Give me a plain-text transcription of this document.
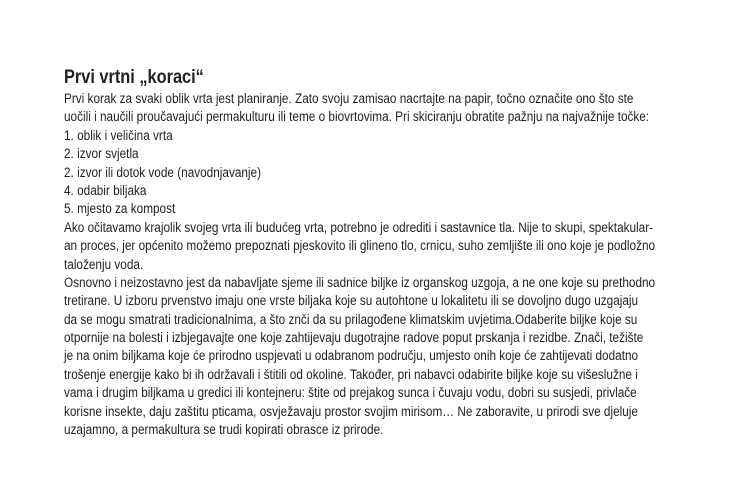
Prvi vrtni „koraci“
Prvi korak za svaki oblik vrta jest planiranje. Zato svoju zamisao nacrtajte na papir, točno označite ono što ste
uočili i naučili proučavajući permakulturu ili teme o biovrtovima. Pri skiciranju obratite pažnju na najvažnije točke:
1. oblik i veličina vrta
2. izvor svjetla
2. izvor ili dotok vode (navodnjavanje)
4. odabir biljaka
5. mjesto za kompost
Ako očitavamo krajolik svojeg vrta ili budućeg vrta, potrebno je odrediti i sastavnice tla. Nije to skupi, spektakular-
an proces, jer općenito možemo prepoznati pjeskovito ili glineno tlo, crnicu, suho zemljište ili ono koje je podložno
taloženju voda.
Osnovno i neizostavno jest da nabavljate sjeme ili sadnice biljke iz organskog uzgoja, a ne one koje su prethodno
tretirane. U izboru prvenstvo imaju one vrste biljaka koje su autohtone u lokalitetu ili se dovoljno dugo uzgajaju
da se mogu smatrati tradicionalnima, a što znči da su prilagođene klimatskim uvjetima.Odaberite biljke koje su
otpornije na bolesti i izbjegavajte one koje zahtijevaju dugotrajne radove poput prskanja i rezidbe. Znači, težište
je na onim biljkama koje će prirodno uspjevati u odabranom području, umjesto onih koje će zahtijevati dodatno
trošenje energije kako bi ih održavali i štitili od okoline. Također, pri nabavci odabirite biljke koje su višeslužne i
vama i drugim biljkama u gredici ili kontejneru: štite od prejakog sunca i čuvaju vodu, dobri su susjedi, privlače
korisne insekte, daju zaštitu pticama, osvježavaju prostor svojim mirisom… Ne zaboravite, u prirodi sve djeluje
uzajamno, a permakultura se trudi kopirati obrasce iz prirode.
